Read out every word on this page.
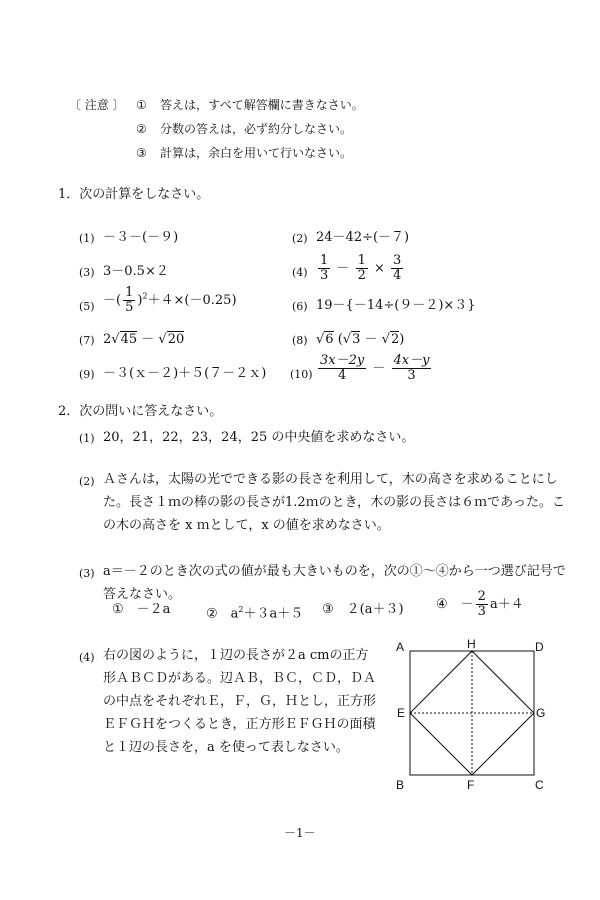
〔 注意 〕 ① 答えは，すべて解答欄に書きなさい。
② 分数の答えは，必ず約分しなさい。
③ 計算は，余白を用いて行いなさい。
1．次の計算をしなさい。
(1) －３－(－９)	(2) 24－42÷(－７)
(3) 3－0.5×２	$(4) \frac{1}{3} - \frac{1}{2} \times \frac{3}{4}$
(5) －( $\frac{1}{5} )^2+4\times(-0.25)$	(6) 19－{－14÷(９－２)×３}
(7) 2√45 － √20	(8) √6 (√3 － √2)
(9) －３(ｘ－２)＋５(７－２ｘ) $(10) \frac{3x-2y}{4} - \frac{4x-y}{3}$
2．次の問いに答えなさい。
(1) 20，21，22，23，24，25 の中央値を求めなさい。
(2) Ａさんは，太陽の光でできる影の長さを利用して，木の高さを求めることにした。長さ１ｍの棒の影の長さが1.2ｍのとき，木の影の長さは６ｍであった。この木の高さを x ｍとして，x の値を求めなさい。
(3) a＝－２のとき次の式の値が最も大きいものを，次の①～④から一つ選び記号で答えなさい。
①　－２a	②　$a^2+3a+5$ ③　２(a＋３) ④　－ $\frac{2}{3} a+4$
(4) 右の図のように，１辺の長さが２a cmの正方形ＡＢＣＤがある。辺ＡＢ，ＢＣ，ＣＤ，ＤＡの中点をそれぞれＥ，Ｆ，Ｇ，Ｈとし，正方形ＥＦＧＨをつくるとき，正方形ＥＦＧＨの面積と１辺の長さを，a を使って表しなさい。
A	D
B	C
H
F
E	G
－1－
